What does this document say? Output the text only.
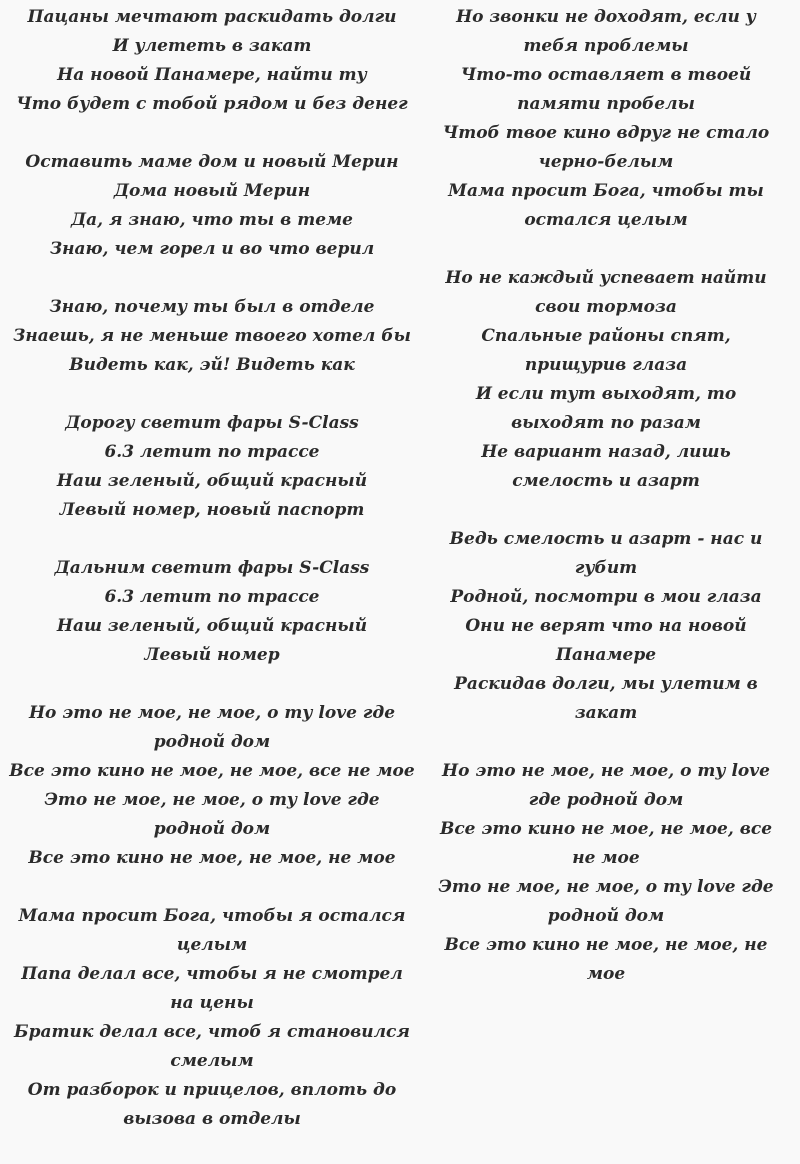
Пацаны мечтают раскидать долги
И улететь в закат
На новой Панамере, найти ту
Что будет с тобой рядом и без денег
Оставить маме дом и новый Мерин
Дома новый Мерин
Да, я знаю, что ты в теме
Знаю, чем горел и во что верил
Знаю, почему ты был в отделе
Знаешь, я не меньше твоего хотел бы
Видеть как, эй! Видеть как
Дорогу светит фары S-Class
6.3 летит по трассе
Наш зеленый, общий красный
Левый номер, новый паспорт
Дальним светит фары S-Class
6.3 летит по трассе
Наш зеленый, общий красный
Левый номер
Но это не мое, не мое, о ту love где родной дом
Все это кино не мое, не мое, все не мое
Это не мое, не мое, о ту love где родной дом
Все это кино не мое, не мое, не мое
Мама просит Бога, чтобы я остался целым
Папа делал все, чтобы я не смотрел на цены
Братик делал все, чтоб я становился смелым
От разборок и прицелов, вплоть до вызова в отделы
Но звонки не доходят, если у тебя проблемы
Что-то оставляет в твоей памяти пробелы
Чтоб твое кино вдруг не стало черно-белым
Мама просит Бога, чтобы ты остался целым
Но не каждый успевает найти свои тормоза
Спальные районы спят, прищурив глаза
И если тут выходят, то выходят по разам
Не вариант назад, лишь смелость и азарт
Ведь смелость и азарт - нас и губит
Родной, посмотри в мои глаза
Они не верят что на новой Панамере
Раскидав долги, мы улетим в закат
Но это не мое, не мое, о ту love где родной дом
Все это кино не мое, не мое, все не мое
Это не мое, не мое, о ту love где родной дом
Все это кино не мое, не мое, не мое
